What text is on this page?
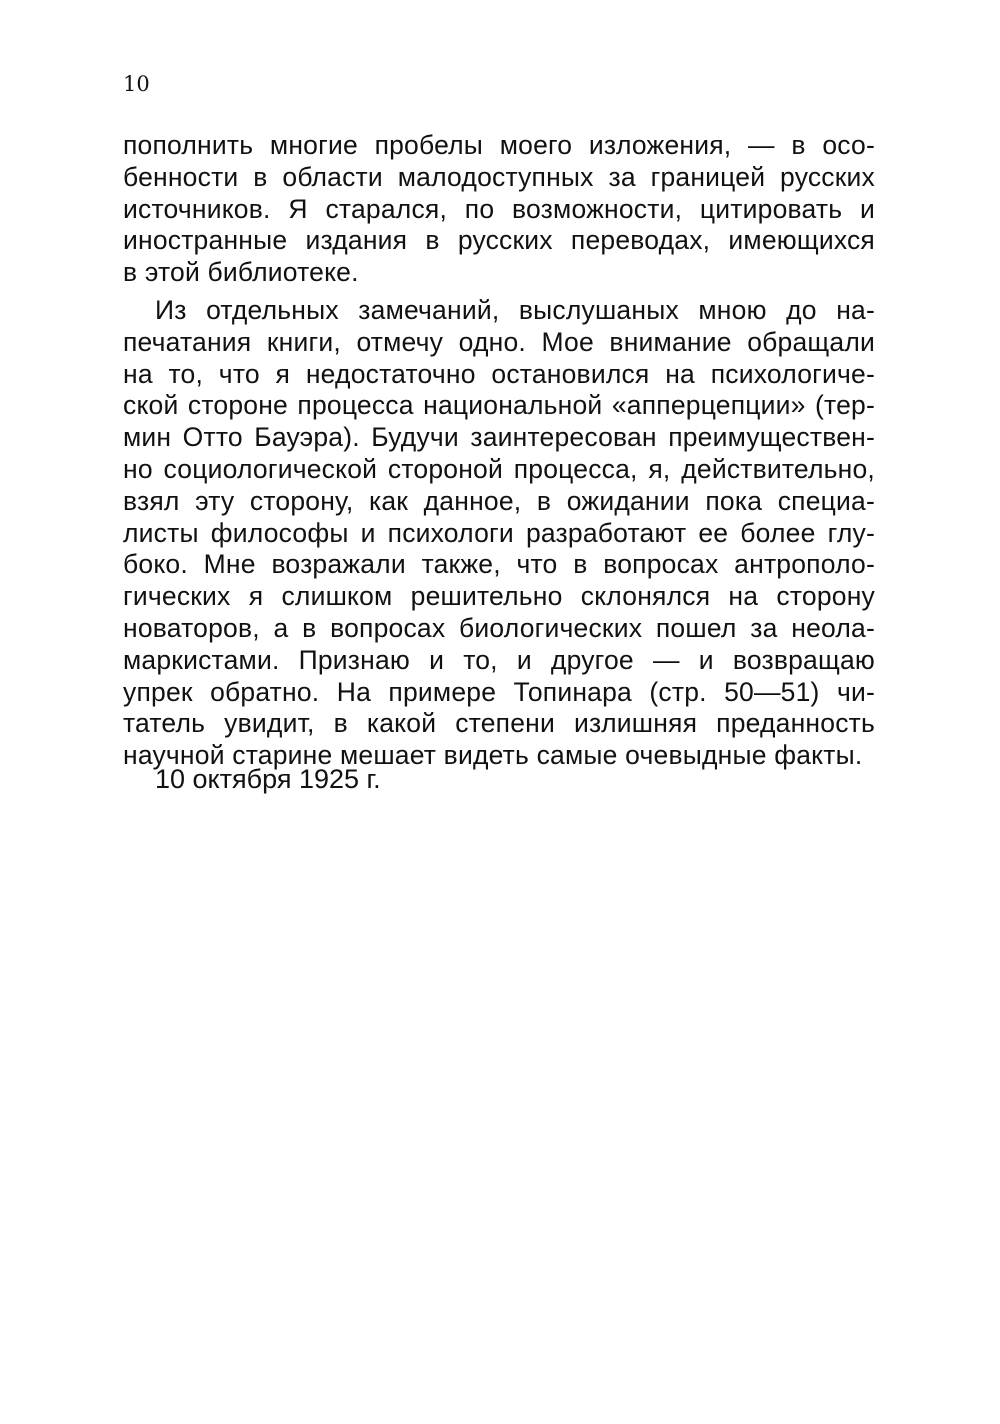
10
пополнить многие пробелы моего изложения, — в осо-
бенности в области малодоступных за границей русских
источников. Я старался, по возможности, цитировать и
иностранные издания в русских переводах, имеющихся
в этой библиотеке.
Из отдельных замечаний, выслушаных мною до на-
печатания книги, отмечу одно. Мое внимание обращали
на то, что я недостаточно остановился на психологиче-
ской стороне процесса национальной «апперцепции» (тер-
мин Отто Бауэра). Будучи заинтересован преимуществен-
но социологической стороной процесса, я, действительно,
взял эту сторону, как данное, в ожидании пока специа-
листы философы и психологи разработают ее более глу-
боко. Мне возражали также, что в вопросах антрополо-
гических я слишком решительно склонялся на сторону
новаторов, а в вопросах биологических пошел за неола-
маркистами. Признаю и то, и другое — и возвращаю
упрек обратно. На примере Топинара (стр. 50—51) чи-
татель увидит, в какой степени излишняя преданность
научной старине мешает видеть самые очевыдные факты.
10 октября 1925 г.
